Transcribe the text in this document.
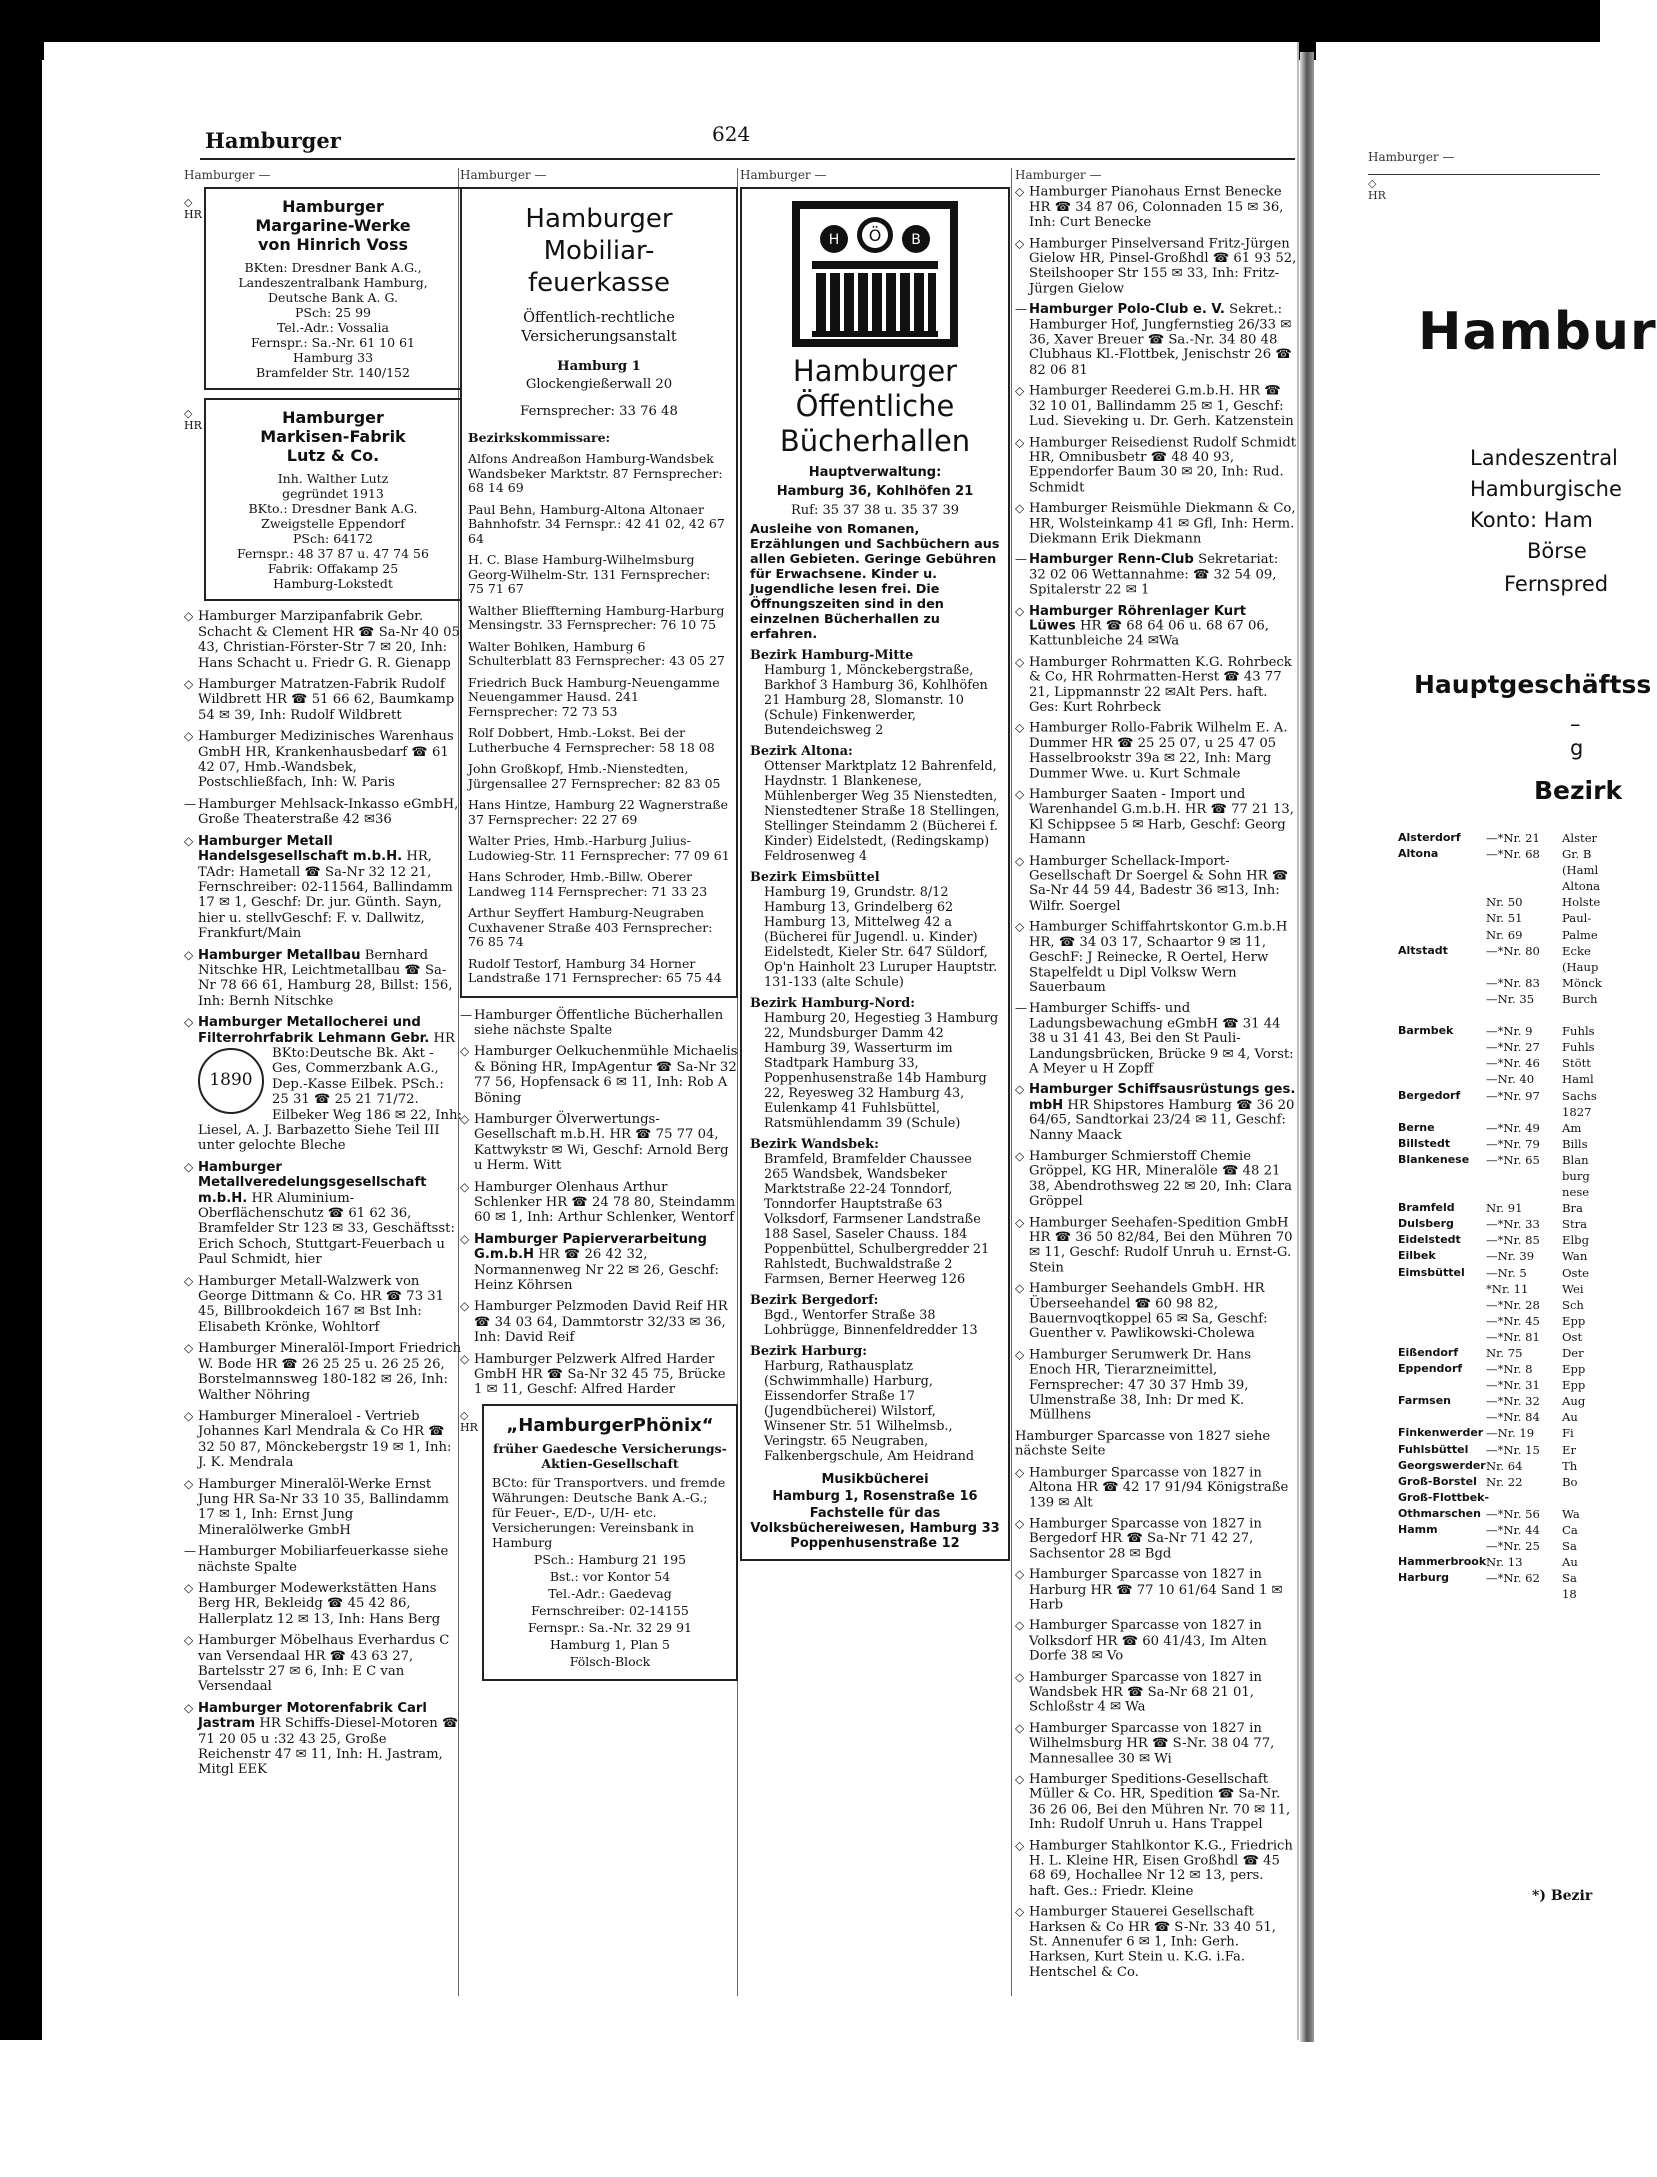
Hamburger	624
Hamburger —
◇
HR	Hamburger
Margarine-Werke
von Hinrich Voss
BKten: Dresdner Bank A.G.,
Landeszentralbank Hamburg,
Deutsche Bank A. G.
PSch: 25 99
Tel.-Adr.: Vossalia
Fernspr.: Sa.-Nr. 61 10 61
Hamburg 33
Bramfelder Str. 140/152
◇
HR	Hamburger
Markisen-Fabrik
Lutz & Co.
Inh. Walther Lutz
gegründet 1913
BKto.: Dresdner Bank A.G.
Zweigstelle Eppendorf
PSch: 64172
Fernspr.: 48 37 87 u. 47 74 56
Fabrik: Offakamp 25
Hamburg-Lokstedt
◇ Hamburger Marzipanfabrik Gebr. Schacht & Clement HR ☎ Sa-Nr 40 05 43, Christian-Förster-Str 7 ✉ 20, Inh: Hans Schacht u. Friedr G. R. Gienapp
◇ Hamburger Matratzen-Fabrik Rudolf Wildbrett HR ☎ 51 66 62, Baumkamp 54 ✉ 39, Inh: Rudolf Wildbrett
◇ Hamburger Medizinisches Warenhaus GmbH HR, Krankenhausbedarf ☎ 61 42 07, Hmb.-Wandsbek, Postschließfach, Inh: W. Paris
— Hamburger Mehlsack-Inkasso eGmbH, Große Theaterstraße 42 ✉36
◇ Hamburger Metall Handelsgesellschaft m.b.H. HR, TAdr: Hametall ☎ Sa-Nr 32 12 21, Fernschreiber: 02-11564, Ballindamm 17 ✉ 1, Geschf: Dr. jur. Günth. Sayn, hier u. stellvGeschf: F. v. Dallwitz, Frankfurt/Main
◇ Hamburger Metallbau Bernhard Nitschke HR, Leichtmetallbau ☎ Sa-Nr 78 66 61, Hamburg 28, Billst: 156, Inh: Bernh Nitschke
◇ Hamburger Metallocherei und Filterrohrfabrik Lehmann Gebr.
1890
HR BKto:Deutsche Bk. Akt - Ges, Commerzbank A.G., Dep.-Kasse Eilbek. PSch.: 25 31 ☎ 25 21 71/72. Eilbeker Weg 186 ✉ 22, Inh: Liesel, A. J. Barbazetto Siehe Teil III unter gelochte Bleche
◇ Hamburger Metallveredelungsgesellschaft m.b.H. HR Aluminium- Oberflächenschutz ☎ 61 62 36, Bramfelder Str 123 ✉ 33, Geschäftsst: Erich Schoch, Stuttgart-Feuerbach u Paul Schmidt, hier
◇ Hamburger Metall-Walzwerk von George Dittmann & Co. HR ☎ 73 31 45, Billbrookdeich 167 ✉ Bst Inh: Elisabeth Krönke, Wohltorf
◇ Hamburger Mineralöl-Import Friedrich W. Bode HR ☎ 26 25 25 u. 26 25 26, Borstelmannsweg 180-182 ✉ 26, Inh: Walther Nöhring
◇ Hamburger Mineraloel - Vertrieb Johannes Karl Mendrala & Co HR ☎ 32 50 87, Mönckebergstr 19 ✉ 1, Inh: J. K. Mendrala
◇ Hamburger Mineralöl-Werke Ernst Jung HR Sa-Nr 33 10 35, Ballindamm 17 ✉ 1, Inh: Ernst Jung Mineralölwerke GmbH
— Hamburger Mobiliarfeuerkasse siehe nächste Spalte
◇ Hamburger Modewerkstätten Hans Berg HR, Bekleidg ☎ 45 42 86, Hallerplatz 12 ✉ 13, Inh: Hans Berg
◇ Hamburger Möbelhaus Everhardus C van Versendaal HR ☎ 43 63 27, Bartelsstr 27 ✉ 6, Inh: E C van Versendaal
◇ Hamburger Motorenfabrik Carl Jastram HR Schiffs-Diesel-Motoren ☎ 71 20 05 u :32 43 25, Große Reichenstr 47 ✉ 11, Inh: H. Jastram, Mitgl EEK
Hamburger —
Hamburger
Mobiliar-
feuerkasse
Öffentlich-rechtliche
Versicherungsanstalt
Hamburg 1
Glockengießerwall 20
Fernsprecher: 33 76 48
Bezirkskommissare:
Alfons Andreaßon Hamburg-Wandsbek Wandsbeker Marktstr. 87 Fernsprecher: 68 14 69
Paul Behn, Hamburg-Altona Altonaer Bahnhofstr. 34 Fernspr.: 42 41 02, 42 67 64
H. C. Blase Hamburg-Wilhelmsburg Georg-Wilhelm-Str. 131 Fernsprecher: 75 71 67
Walther Blieffterning Hamburg-Harburg Mensingstr. 33 Fernsprecher: 76 10 75
Walter Bohlken, Hamburg 6 Schulterblatt 83 Fernsprecher: 43 05 27
Friedrich Buck Hamburg-Neuengamme Neuengammer Hausd. 241 Fernsprecher: 72 73 53
Rolf Dobbert, Hmb.-Lokst. Bei der Lutherbuche 4 Fernsprecher: 58 18 08
John Großkopf, Hmb.-Nienstedten, Jürgensallee 27 Fernsprecher: 82 83 05
Hans Hintze, Hamburg 22 Wagnerstraße 37 Fernsprecher: 22 27 69
Walter Pries, Hmb.-Harburg Julius-Ludowieg-Str. 11 Fernsprecher: 77 09 61
Hans Schroder, Hmb.-Billw. Oberer Landweg 114 Fernsprecher: 71 33 23
Arthur Seyffert Hamburg-Neugraben Cuxhavener Straße 403 Fernsprecher: 76 85 74
Rudolf Testorf, Hamburg 34 Horner Landstraße 171 Fernsprecher: 65 75 44
— Hamburger Öffentliche Bücherhallen siehe nächste Spalte
◇ Hamburger Oelkuchenmühle Michaelis & Böning HR, ImpAgentur ☎ Sa-Nr 32 77 56, Hopfensack 6 ✉ 11, Inh: Rob A Böning
◇ Hamburger Ölverwertungs-Gesellschaft m.b.H. HR ☎ 75 77 04, Kattwykstr ✉ Wi, Geschf: Arnold Berg u Herm. Witt
◇ Hamburger Olenhaus Arthur Schlenker HR ☎ 24 78 80, Steindamm 60 ✉ 1, Inh: Arthur Schlenker, Wentorf
◇ Hamburger Papierverarbeitung G.m.b.H HR ☎ 26 42 32, Normannenweg Nr 22 ✉ 26, Geschf: Heinz Köhrsen
◇ Hamburger Pelzmoden David Reif HR ☎ 34 03 64, Dammtorstr 32/33 ✉ 36, Inh: David Reif
◇ Hamburger Pelzwerk Alfred Harder GmbH HR ☎ Sa-Nr 32 45 75, Brücke 1 ✉ 11, Geschf: Alfred Harder
◇
HR	„HamburgerPhönix“
früher Gaedesche Versicherungs-Aktien-Gesellschaft
BCto: für Transportvers. und fremde Währungen: Deutsche Bank A.-G.; für Feuer-, E/D-, U/H- etc. Versicherungen: Vereinsbank in Hamburg
PSch.: Hamburg 21 195
Bst.: vor Kontor 54
Tel.-Adr.: Gaedevag
Fernschreiber: 02-14155
Fernspr.: Sa.-Nr. 32 29 91
Hamburg 1, Plan 5
Fölsch-Block
Hamburger —
H Ö B
Hamburger
Öffentliche
Bücherhallen
Hauptverwaltung:
Hamburg 36, Kohlhöfen 21
Ruf: 35 37 38 u. 35 37 39
Ausleihe von Romanen, Erzählungen und Sachbüchern aus allen Gebieten. Geringe Gebühren für Erwachsene. Kinder u. Jugendliche lesen frei. Die Öffnungszeiten sind in den einzelnen Bücherhallen zu erfahren.
Bezirk Hamburg-Mitte
Hamburg 1, Mönckebergstraße, Barkhof 3 Hamburg 36, Kohlhöfen 21 Hamburg 28, Slomanstr. 10 (Schule) Finkenwerder, Butendeichsweg 2
Bezirk Altona:
Ottenser Marktplatz 12 Bahrenfeld, Haydnstr. 1 Blankenese, Mühlenberger Weg 35 Nienstedten, Nienstedtener Straße 18 Stellingen, Stellinger Steindamm 2 (Bücherei f. Kinder) Eidelstedt, (Redingskamp) Feldrosenweg 4
Bezirk Eimsbüttel
Hamburg 19, Grundstr. 8/12 Hamburg 13, Grindelberg 62 Hamburg 13, Mittelweg 42 a (Bücherei für Jugendl. u. Kinder) Eidelstedt, Kieler Str. 647 Süldorf, Op'n Hainholt 23 Luruper Hauptstr. 131-133 (alte Schule)
Bezirk Hamburg-Nord:
Hamburg 20, Hegestieg 3 Hamburg 22, Mundsburger Damm 42 Hamburg 39, Wasserturm im Stadtpark Hamburg 33, Poppenhusenstraße 14b Hamburg 22, Reyesweg 32 Hamburg 43, Eulenkamp 41 Fuhlsbüttel, Ratsmühlendamm 39 (Schule)
Bezirk Wandsbek:
Bramfeld, Bramfelder Chaussee 265 Wandsbek, Wandsbeker Marktstraße 22-24 Tonndorf, Tonndorfer Hauptstraße 63 Volksdorf, Farmsener Landstraße 188 Sasel, Saseler Chauss. 184 Poppenbüttel, Schulbergredder 21 Rahlstedt, Buchwaldstraße 2 Farmsen, Berner Heerweg 126
Bezirk Bergedorf:
Bgd., Wentorfer Straße 38 Lohbrügge, Binnenfeldredder 13
Bezirk Harburg:
Harburg, Rathausplatz (Schwimmhalle) Harburg, Eissendorfer Straße 17 (Jugendbücherei) Wilstorf, Winsener Str. 51 Wilhelmsb., Veringstr. 65 Neugraben, Falkenbergschule, Am Heidrand
Musikbücherei
Hamburg 1, Rosenstraße 16
Fachstelle für das Volksbüchereiwesen, Hamburg 33 Poppenhusenstraße 12
Hamburger —
◇ Hamburger Pianohaus Ernst Benecke HR ☎ 34 87 06, Colonnaden 15 ✉ 36, Inh: Curt Benecke
◇ Hamburger Pinselversand Fritz-Jürgen Gielow HR, Pinsel-Großhdl ☎ 61 93 52, Steilshooper Str 155 ✉ 33, Inh: Fritz-Jürgen Gielow
— Hamburger Polo-Club e. V. Sekret.: Hamburger Hof, Jungfernstieg 26/33 ✉ 36, Xaver Breuer ☎ Sa.-Nr. 34 80 48 Clubhaus Kl.-Flottbek, Jenischstr 26 ☎ 82 06 81
◇ Hamburger Reederei G.m.b.H. HR ☎ 32 10 01, Ballindamm 25 ✉ 1, Geschf: Lud. Sieveking u. Dr. Gerh. Katzenstein
◇ Hamburger Reisedienst Rudolf Schmidt HR, Omnibusbetr ☎ 48 40 93, Eppendorfer Baum 30 ✉ 20, Inh: Rud. Schmidt
◇ Hamburger Reismühle Diekmann & Co, HR, Wolsteinkamp 41 ✉ Gfl, Inh: Herm. Diekmann Erik Diekmann
— Hamburger Renn-Club Sekretariat: 32 02 06 Wettannahme: ☎ 32 54 09, Spitalerstr 22 ✉ 1
◇ Hamburger Röhrenlager Kurt Lüwes HR ☎ 68 64 06 u. 68 67 06, Kattunbleiche 24 ✉Wa
◇ Hamburger Rohrmatten K.G. Rohrbeck & Co, HR Rohrmatten-Herst ☎ 43 77 21, Lippmannstr 22 ✉Alt Pers. haft. Ges: Kurt Rohrbeck
◇ Hamburger Rollo-Fabrik Wilhelm E. A. Dummer HR ☎ 25 25 07, u 25 47 05 Hasselbrookstr 39a ✉ 22, Inh: Marg Dummer Wwe. u. Kurt Schmale
◇ Hamburger Saaten - Import und Warenhandel G.m.b.H. HR ☎ 77 21 13, Kl Schippsee 5 ✉ Harb, Geschf: Georg Hamann
◇ Hamburger Schellack-Import-Gesellschaft Dr Soergel & Sohn HR ☎ Sa-Nr 44 59 44, Badestr 36 ✉13, Inh: Wilfr. Soergel
◇ Hamburger Schiffahrtskontor G.m.b.H HR, ☎ 34 03 17, Schaartor 9 ✉ 11, GeschF: J Reinecke, R Oertel, Herw Stapelfeldt u Dipl Volksw Wern Sauerbaum
— Hamburger Schiffs- und Ladungsbewachung eGmbH ☎ 31 44 38 u 31 41 43, Bei den St Pauli-Landungsbrücken, Brücke 9 ✉ 4, Vorst: A Meyer u H Zopff
◇ Hamburger Schiffsausrüstungs ges. mbH HR Shipstores Hamburg ☎ 36 20 64/65, Sandtorkai 23/24 ✉ 11, Geschf: Nanny Maack
◇ Hamburger Schmierstoff Chemie Gröppel, KG HR, Mineralöle ☎ 48 21 38, Abendrothsweg 22 ✉ 20, Inh: Clara Gröppel
◇ Hamburger Seehafen-Spedition GmbH HR ☎ 36 50 82/84, Bei den Mühren 70 ✉ 11, Geschf: Rudolf Unruh u. Ernst-G. Stein
◇ Hamburger Seehandels GmbH. HR Überseehandel ☎ 60 98 82, Bauernvoqtkoppel 65 ✉ Sa, Geschf: Guenther v. Pawlikowski-Cholewa
◇ Hamburger Serumwerk Dr. Hans Enoch HR, Tierarzneimittel, Fernsprecher: 47 30 37 Hmb 39, Ulmenstraße 38, Inh: Dr med K. Müllhens
Hamburger Sparcasse von 1827 siehe nächste Seite
◇ Hamburger Sparcasse von 1827 in Altona HR ☎ 42 17 91/94 Königstraße 139 ✉ Alt
◇ Hamburger Sparcasse von 1827 in Bergedorf HR ☎ Sa-Nr 71 42 27, Sachsentor 28 ✉ Bgd
◇ Hamburger Sparcasse von 1827 in Harburg HR ☎ 77 10 61/64 Sand 1 ✉ Harb
◇ Hamburger Sparcasse von 1827 in Volksdorf HR ☎ 60 41/43, Im Alten Dorfe 38 ✉ Vo
◇ Hamburger Sparcasse von 1827 in Wandsbek HR ☎ Sa-Nr 68 21 01, Schloßstr 4 ✉ Wa
◇ Hamburger Sparcasse von 1827 in Wilhelmsburg HR ☎ S-Nr. 38 04 77, Mannesallee 30 ✉ Wi
◇ Hamburger Speditions-Gesellschaft Müller & Co. HR, Spedition ☎ Sa-Nr. 36 26 06, Bei den Mühren Nr. 70 ✉ 11, Inh: Rudolf Unruh u. Hans Trappel
◇ Hamburger Stahlkontor K.G., Friedrich H. L. Kleine HR, Eisen Großhdl ☎ 45 68 69, Hochallee Nr 12 ✉ 13, pers. haft. Ges.: Friedr. Kleine
◇ Hamburger Stauerei Gesellschaft Harksen & Co HR ☎ S-Nr. 33 40 51, St. Annenufer 6 ✉ 1, Inh: Gerh. Harksen, Kurt Stein u. K.G. i.Fa. Hentschel & Co.
Hamburger —
◇
HR
Hambur
Landeszentral
Hamburgische
Konto: Ham
Börse
Fernspred
Hauptgeschäftss
– g
Bezirk
Alsterdorf —*Nr. 21 Alster
Altona	—*Nr. 68 Gr. B
(Haml
Altona
Nr. 50	Holste
Nr. 51	Paul-
Nr. 69	Palme
Altstadt	—*Nr. 80 Ecke
(Haup
—*Nr. 83 Mönck
—Nr. 35 Burch
Barmbek	—*Nr. 9	Fuhls
—*Nr. 27 Fuhls
—*Nr. 46 Stött
—Nr. 40 Haml
Bergedorf —*Nr. 97 Sachs
1827
Berne	—*Nr. 49 Am
Billstedt	—*Nr. 79 Bills
Blankenese —*Nr. 65 Blan
burg
nese
Bramfeld	Nr. 91	Bra
Dulsberg	—*Nr. 33 Stra
Eidelstedt —*Nr. 85 Elbg
Eilbek	—Nr. 39 Wan
Eimsbüttel —Nr. 5	Oste
*Nr. 11	Wei
—*Nr. 28 Sch
—*Nr. 45 Epp
—*Nr. 81 Ost
Eißendorf Nr. 75	Der
Eppendorf —*Nr. 8	Epp
—*Nr. 31 Epp
Farmsen	—*Nr. 32 Aug
—*Nr. 84 Au
Finkenwerder —Nr. 19 Fi
Fuhlsbüttel —*Nr. 15 Er
Georgswerder Nr. 64	Th
Groß-Borstel Nr. 22	Bo
Groß-Flottbek-
Othmarschen —*Nr. 56 Wa
Hamm	—*Nr. 44 Ca
—*Nr. 25 Sa
Hammerbrook Nr. 13	Au
Harburg	—*Nr. 62 Sa
18
*) Bezir
